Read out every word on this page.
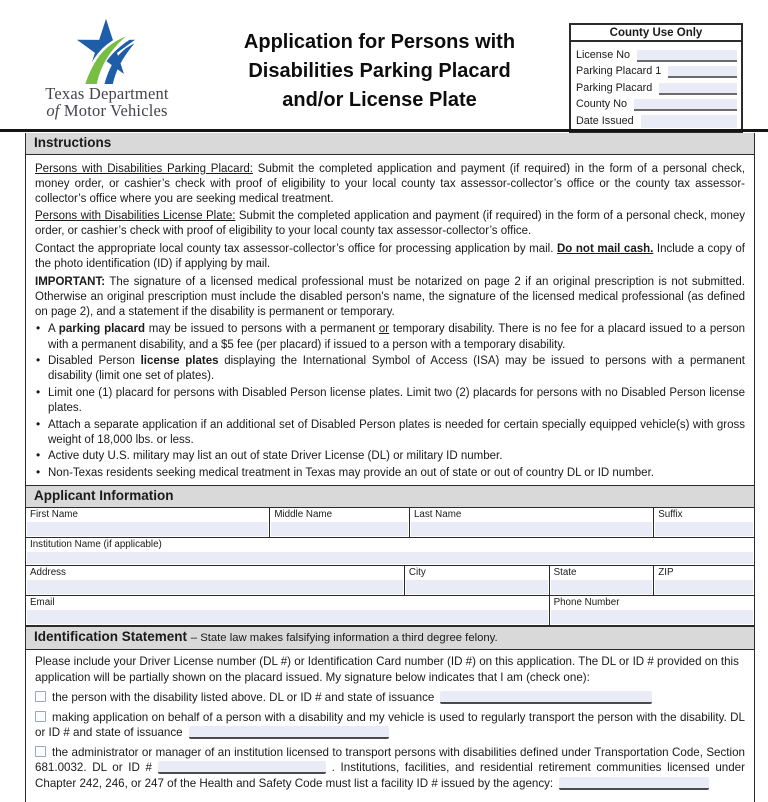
Texas Department
of Motor Vehicles
Application for Persons with
Disabilities Parking Placard
and/or License Plate
County Use Only
License No
Parking Placard 1
Parking Placard
County No
Date Issued
Instructions

Persons with Disabilities Parking Placard: Submit the completed application and payment (if required) in the form of a personal check, money order, or cashier’s check with proof of eligibility to your local county tax assessor-collector’s office or the county tax assessor-collector’s office where you are seeking medical treatment.

Persons with Disabilities License Plate: Submit the completed application and payment (if required) in the form of a personal check, money order, or cashier’s check with proof of eligibility to your local county tax assessor-collector’s office.

Contact the appropriate local county tax assessor-collector’s office for processing application by mail. Do not mail cash. Include a copy of the photo identification (ID) if applying by mail.

IMPORTANT: The signature of a licensed medical professional must be notarized on page 2 if an original prescription is not submitted. Otherwise an original prescription must include the disabled person's name, the signature of the licensed medical professional (as defined on page 2), and a statement if the disability is permanent or temporary.

• A parking placard may be issued to persons with a permanent or temporary disability. There is no fee for a placard issued to a person with a permanent disability, and a $5 fee (per placard) if issued to a person with a temporary disability.
• Disabled Person license plates displaying the International Symbol of Access (ISA) may be issued to persons with a permanent disability (limit one set of plates).
• Limit one (1) placard for persons with Disabled Person license plates. Limit two (2) placards for persons with no Disabled Person license plates.
• Attach a separate application if an additional set of Disabled Person plates is needed for certain specially equipped vehicle(s) with gross weight of 18,000 lbs. or less.
• Active duty U.S. military may list an out of state Driver License (DL) or military ID number.
• Non-Texas residents seeking medical treatment in Texas may provide an out of state or out of country DL or ID number.
Applicant Information
First Name	Middle Name	Last Name	Suffix
Institution Name (if applicable)
Address	City	State	ZIP
Email	Phone Number
Identification Statement – State law makes falsifying information a third degree felony.
Please include your Driver License number (DL #) or Identification Card number (ID #) on this application. The DL or ID # provided on this application will be partially shown on the placard issued. My signature below indicates that I am (check one):
the person with the disability listed above. DL or ID # and state of issuance
making application on behalf of a person with a disability and my vehicle is used to regularly transport the person with the disability. DL or ID # and state of issuance
the administrator or manager of an institution licensed to transport persons with disabilities defined under Transportation Code, Section 681.0032. DL or ID #	. Institutions, facilities, and residential retirement communities licensed under Chapter 242, 246, or 247 of the Health and Safety Code must list a facility ID # issued by the agency:
